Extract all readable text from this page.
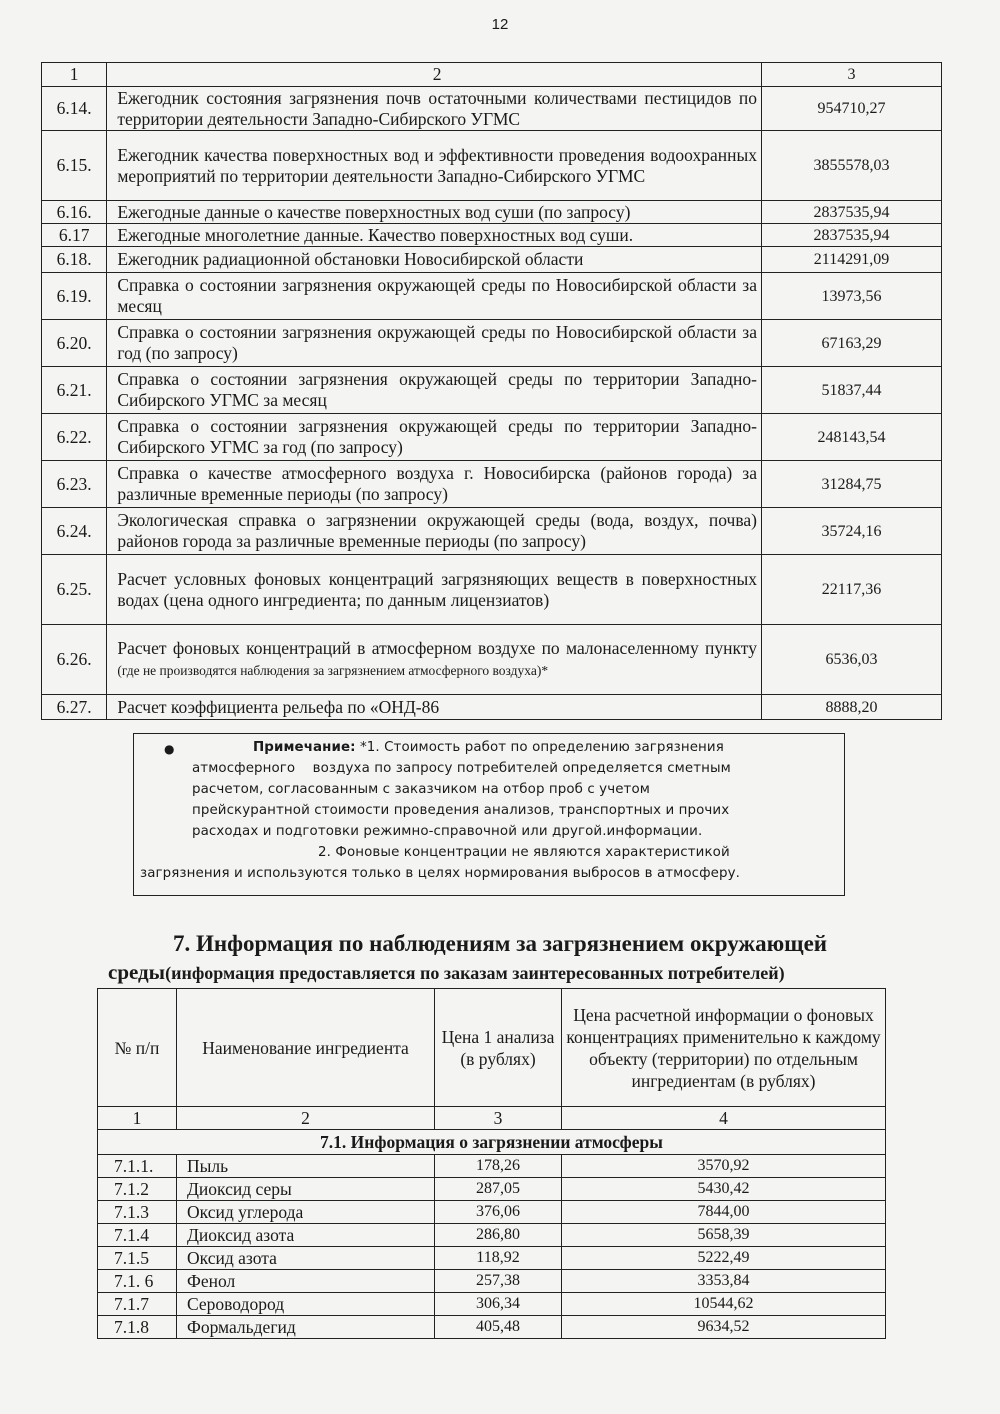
12
1	2	3
6.14.	Ежегодник состояния загрязнения почв остаточными количествами пестицидов по территории деятельности Западно-Сибирского УГМС	954710,27
6.15.	Ежегодник качества поверхностных вод и эффективности проведения водоохранных мероприятий по территории деятельности Западно-Сибирского УГМС	3855578,03
6.16.	Ежегодные данные о качестве поверхностных вод суши (по запросу)	2837535,94
6.17	Ежегодные многолетние данные. Качество поверхностных вод суши.	2837535,94
6.18.	Ежегодник радиационной обстановки Новосибирской области	2114291,09
6.19.	Справка о состоянии загрязнения окружающей среды по Новосибирской области за месяц	13973,56
6.20.	Справка о состоянии загрязнения окружающей среды по Новосибирской области за год (по запросу)	67163,29
6.21.	Справка о состоянии загрязнения окружающей среды по территории Западно-Сибирского УГМС за месяц	51837,44
6.22.	Справка о состоянии загрязнения окружающей среды по территории Западно-Сибирского УГМС за год (по запросу)	248143,54
6.23.	Справка о качестве атмосферного воздуха г. Новосибирска (районов города) за различные временные периоды (по запросу)	31284,75
6.24.	Экологическая справка о загрязнении окружающей среды (вода, воздух, почва) районов города за различные временные периоды (по запросу)	35724,16
6.25.	Расчет условных фоновых концентраций загрязняющих веществ в поверхностных водах (цена одного ингредиента; по данным лицензиатов)	22117,36
6.26.	Расчет фоновых концентраций в атмосферном воздухе по малонаселенному пункту (где не производятся наблюдения за загрязнением атмосферного воздуха)*	6536,03
6.27.	Расчет коэффициента рельефа по «ОНД-86	8888,20
●	Примечание: *1. Стоимость работ по определению загрязнения

атмосферного    воздуха по запросу потребителей определяется сметным

расчетом, согласованным с заказчиком на отбор проб с учетом

прейскурантной стоимости проведения анализов, транспортных и прочих

расходах и подготовки режимно-справочной или другой.информации.

2. Фоновые концентрации не являются характеристикой

загрязнения и используются только в целях нормирования выбросов в атмосферу.

7. Информация по наблюдениям за загрязнением окружающей
среды(информация предоставляется по заказам заинтересованных потребителей)
№ п/п	Наименование ингредиента	Цена 1 анализа (в рублях)	Цена расчетной информации о фоновых концентрациях применительно к каждому объекту (территории) по отдельным ингредиентам (в рублях)
1	2	3	4
7.1. Информация о загрязнении атмосферы			
7.1.1.	Пыль	178,26	3570,92
7.1.2	Диоксид серы	287,05	5430,42
7.1.3	Оксид углерода	376,06	7844,00
7.1.4	Диоксид азота	286,80	5658,39
7.1.5	Оксид азота	118,92	5222,49
7.1. 6	Фенол	257,38	3353,84
7.1.7	Сероводород	306,34	10544,62
7.1.8	Формальдегид	405,48	9634,52
